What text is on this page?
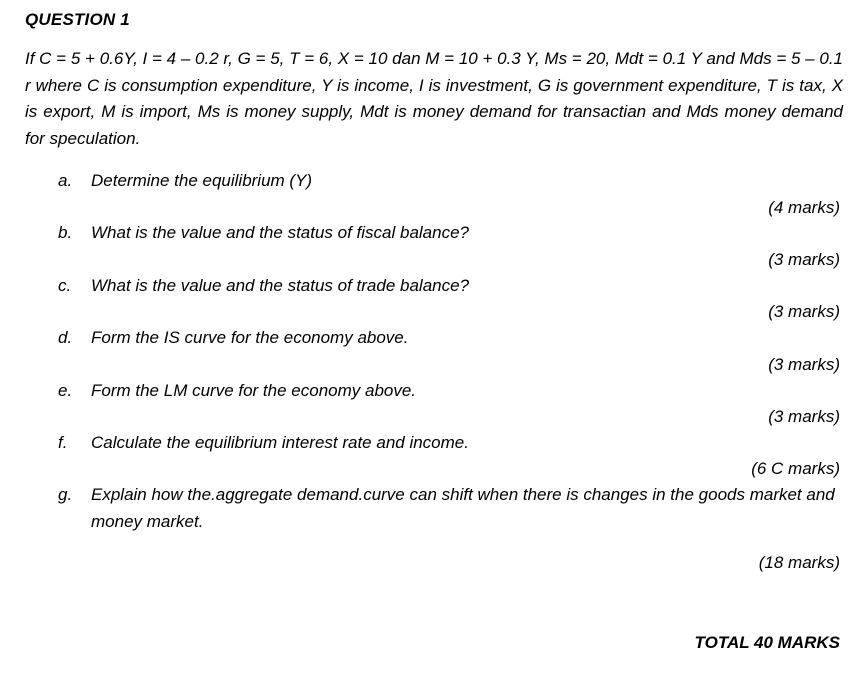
QUESTION 1
If C = 5 + 0.6Y, I = 4 – 0.2 r, G = 5, T = 6, X = 10 dan M = 10 + 0.3 Y, Ms = 20, Mdt = 0.1 Y and Mds = 5 – 0.1 r where C is consumption expenditure, Y is income, I is investment, G is government expenditure, T is tax, X is export, M is import, Ms is money supply, Mdt is money demand for transactian and Mds money demand for speculation.
a. Determine the equilibrium (Y)
(4 marks)
b. What is the value and the status of fiscal balance?
(3 marks)
c. What is the value and the status of trade balance?
(3 marks)
d. Form the IS curve for the economy above.
(3 marks)
e. Form the LM curve for the economy above.
(3 marks)
f. Calculate the equilibrium interest rate and income.
(6 C marks)
g. Explain how the.aggregate demand.curve can shift when there is changes in the goods market and money market.
(18 marks)
TOTAL 40 MARKS
